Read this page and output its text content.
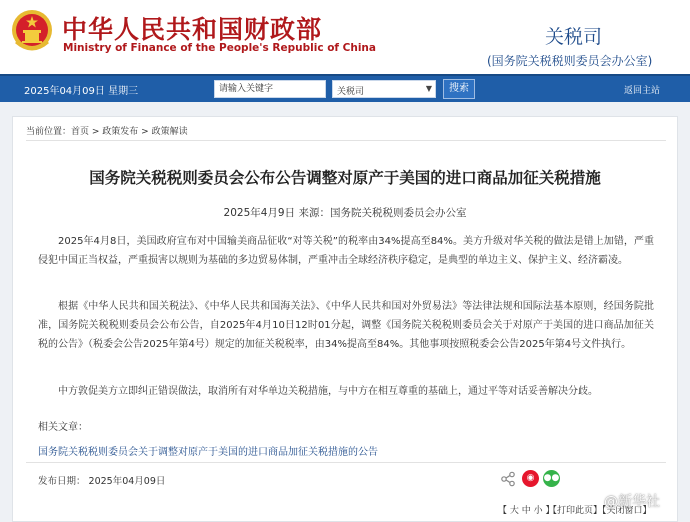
中华人民共和国财政部
Ministry of Finance of the People's Republic of China	关税司
(国务院关税税则委员会办公室)
2025年04月09日 星期三
请输入关键字	关税司	▼	搜索	返回主站
当前位置：首页 > 政策发布 > 政策解读
国务院关税税则委员会公布公告调整对原产于美国的进口商品加征关税措施
2025年4月9日 来源：国务院关税税则委员会办公室

2025年4月8日，美国政府宣布对中国输美商品征收“对等关税”的税率由34%提高至84%。美方升级对华关税的做法是错上加错，严重侵犯中国正当权益，严重损害以规则为基础的多边贸易体制，严重冲击全球经济秩序稳定，是典型的单边主义、保护主义、经济霸凌。

根据《中华人民共和国关税法》、《中华人民共和国海关法》、《中华人民共和国对外贸易法》等法律法规和国际法基本原则，经国务院批准，国务院关税税则委员会公布公告，自2025年4月10日12时01分起，调整《国务院关税税则委员会关于对原产于美国的进口商品加征关税的公告》（税委会公告2025年第4号）规定的加征关税税率，由34%提高至84%。其他事项按照税委会公告2025年第4号文件执行。

中方敦促美方立即纠正错误做法，取消所有对华单边关税措施，与中方在相互尊重的基础上，通过平等对话妥善解决分歧。

相关文章：
国务院关税税则委员会关于调整对原产于美国的进口商品加征关税措施的公告
发布日期： 2025年04月09日	◉	●●
【 大 中 小 】
【打印此页】【关闭窗口】
@新华社
